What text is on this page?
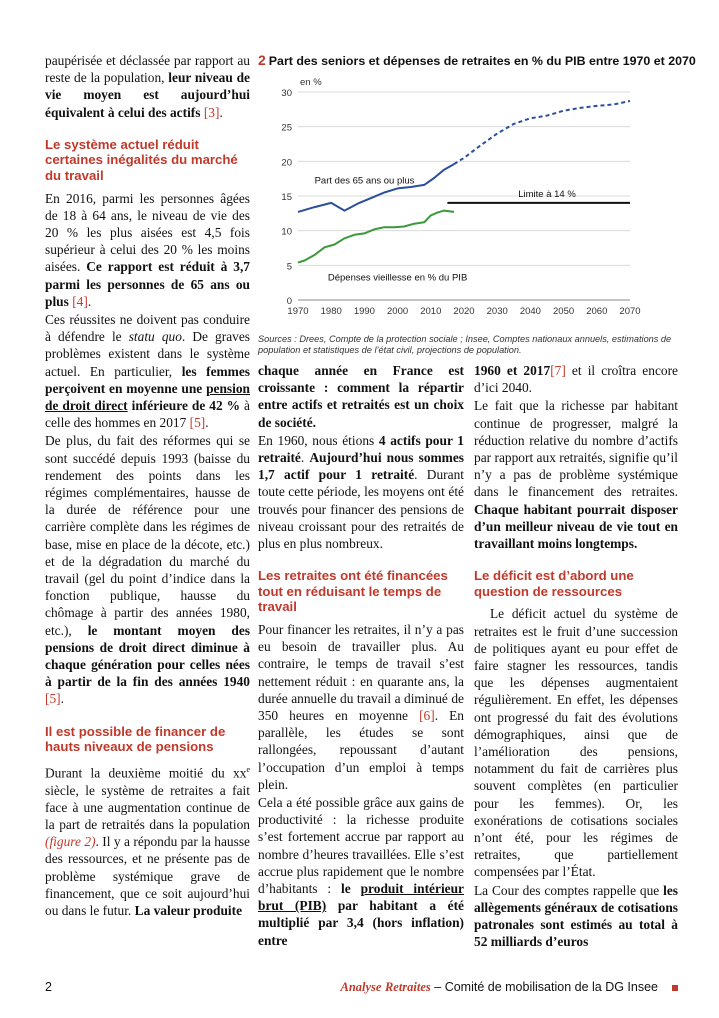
paupérisée et déclassée par rapport au reste de la population, leur niveau de vie moyen est aujourd’hui équivalent à celui des actifs [3].

Le système actuel réduit certaines inégalités du marché du travail

En 2016, parmi les personnes âgées de 18 à 64 ans, le niveau de vie des 20 % les plus aisées est 4,5 fois supérieur à celui des 20 % les moins aisées. Ce rapport est réduit à 3,7 parmi les personnes de 65 ans ou plus [4].

Ces réussites ne doivent pas conduire à défendre le statu quo. De graves problèmes existent dans le système actuel. En particulier, les femmes perçoivent en moyenne une pension de droit direct inférieure de 42 % à celle des hommes en 2017 [5].

De plus, du fait des réformes qui se sont succédé depuis 1993 (baisse du rendement des points dans les régimes complémentaires, hausse de la durée de référence pour une carrière complète dans les régimes de base, mise en place de la décote, etc.) et de la dégradation du marché du travail (gel du point d’indice dans la fonction publique, hausse du chômage à partir des années 1980, etc.), le montant moyen des pensions de droit direct diminue à chaque génération pour celles nées à partir de la fin des années 1940 [5].

Il est possible de financer de hauts niveaux de pensions

Durant la deuxième moitié du $xx^e$ siècle, le système de retraites a fait face à une augmentation continue de la part de retraités dans la population (figure 2). Il y a répondu par la hausse des ressources, et ne présente pas de problème systémique grave de financement, que ce soit aujourd’hui ou dans le futur. La valeur produite

2 Part des seniors et dépenses de retraites en % du PIB entre 1970 et 2070
0
5
10
15
20
25
30
1970 1980 1990 2000 2010 2020 2030 2040 2050 2060 2070
en %
Limite à 14 %
Part des 65 ans ou plus
Dépenses vieillesse en % du PIB
Sources : Drees, Compte de la protection sociale ; Insee, Comptes nationaux annuels, estimations de population et statistiques de l’état civil, projections de population.

chaque année en France est croissante : comment la répartir entre actifs et retraités est un choix de société.

En 1960, nous étions 4 actifs pour 1 retraité. Aujourd’hui nous sommes 1,7 actif pour 1 retraité. Durant toute cette période, les moyens ont été trouvés pour financer des pensions de niveau croissant pour des retraités de plus en plus nombreux.

Les retraites ont été financées tout en réduisant le temps de travail

Pour financer les retraites, il n’y a pas eu besoin de travailler plus. Au contraire, le temps de travail s’est nettement réduit : en quarante ans, la durée annuelle du travail a diminué de 350 heures en moyenne [6]. En parallèle, les études se sont rallongées, repoussant d’autant l’occupation d’un emploi à temps plein.

Cela a été possible grâce aux gains de productivité : la richesse produite s’est fortement accrue par rapport au nombre d’heures travaillées. Elle s’est accrue plus rapidement que le nombre d’habitants : le produit intérieur brut (PIB) par habitant a été multiplié par 3,4 (hors inflation) entre

1960 et 2017[7] et il croîtra encore d’ici 2040.

Le fait que la richesse par habitant continue de progresser, malgré la réduction relative du nombre d’actifs par rapport aux retraités, signifie qu’il n’y a pas de problème systémique dans le financement des retraites. Chaque habitant pourrait disposer d’un meilleur niveau de vie tout en travaillant moins longtemps.

Le déficit est d’abord une question de ressources

Le déficit actuel du système de retraites est le fruit d’une succession de politiques ayant eu pour effet de faire stagner les ressources, tandis que les dépenses augmentaient régulièrement. En effet, les dépenses ont progressé du fait des évolutions démographiques, ainsi que de l’amélioration des pensions, notamment du fait de carrières plus souvent complètes (en particulier pour les femmes). Or, les exonérations de cotisations sociales n’ont été, pour les régimes de retraites, que partiellement compensées par l’État.

La Cour des comptes rappelle que les allègements généraux de cotisations patronales sont estimés au total à 52 milliards d’euros

2	Analyse Retraites – Comité de mobilisation de la DG Insee
